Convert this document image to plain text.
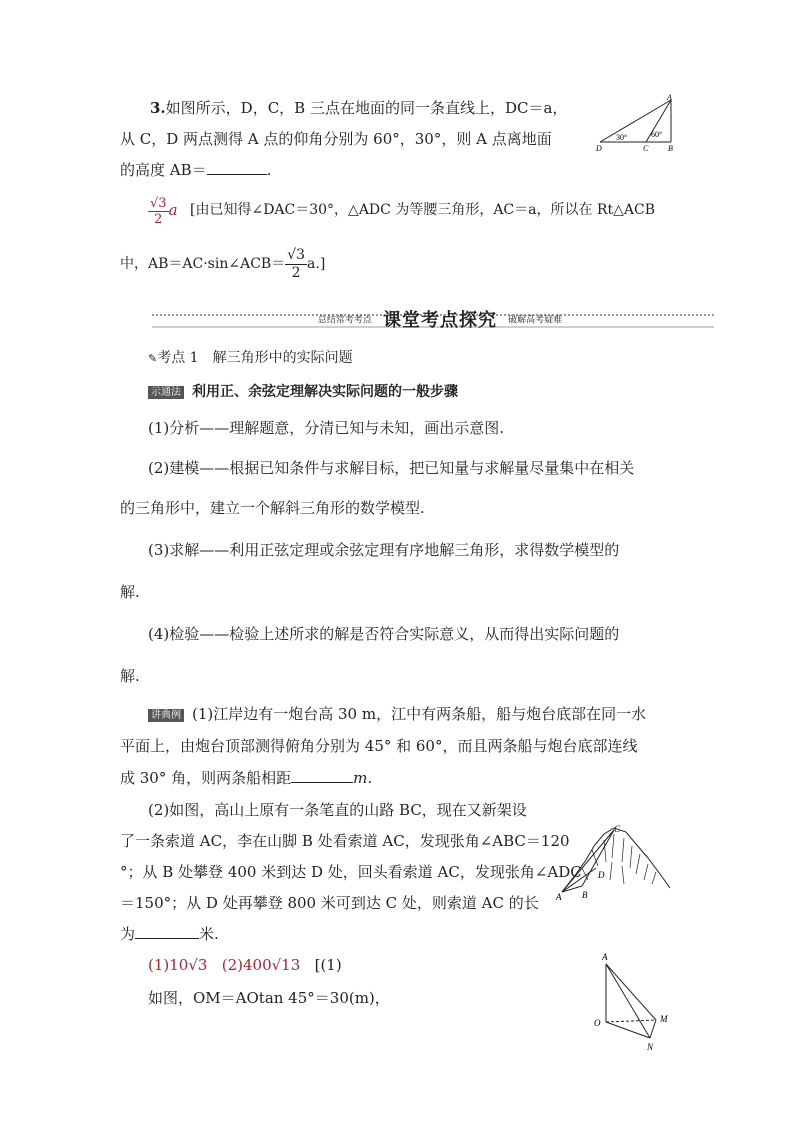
3.如图所示，D，C，B 三点在地面的同一条直线上，DC＝a，
从 C，D 两点测得 A 点的仰角分别为 60°，30°，则 A 点离地面
的高度 AB＝	.
A
D	C B
30°	60°
$\frac{√3}{2}$ a [由已知得∠DAC＝30°，△ADC 为等腰三角形，AC＝a，所以在 Rt△ACB
中，AB＝AC·sin∠ACB＝ $\frac{√3}{2} a$.]
总结常考考点 课堂考点探究 破解高考疑难
✎考点 1　解三角形中的实际问题
示通法 利用正、余弦定理解决实际问题的一般步骤
(1)分析——理解题意，分清已知与未知，画出示意图.
(2)建模——根据已知条件与求解目标，把已知量与求解量尽量集中在相关
的三角形中，建立一个解斜三角形的数学模型.
(3)求解——利用正弦定理或余弦定理有序地解三角形，求得数学模型的
解.
(4)检验——检验上述所求的解是否符合实际意义，从而得出实际问题的
解.
讲典例 (1)江岸边有一炮台高 30 m，江中有两条船，船与炮台底部在同一水
平面上，由炮台顶部测得俯角分别为 45° 和 60°，而且两条船与炮台底部连线
成 30° 角，则两条船相距	m.
(2)如图，高山上原有一条笔直的山路 BC，现在又新架设
了一条索道 AC，李在山脚 B 处看索道 AC，发现张角∠ABC＝120
°；从 B 处攀登 400 米到达 D 处，回头看索道 AC，发现张角∠ADC
＝150°；从 D 处再攀登 800 米可到达 C 处，则索道 AC 的长
为	米.
A B
C
D
(1)10√3 (2)400√13 [(1)
如图，OM＝AOtan 45°＝30(m)，
A
O	M
N
